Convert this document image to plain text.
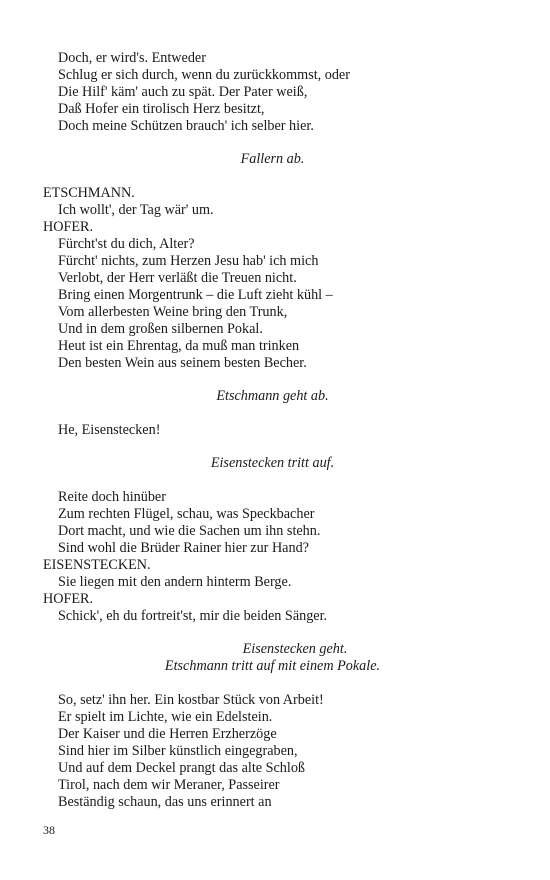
Doch, er wird's. Entweder
Schlug er sich durch, wenn du zurückkommst, oder
Die Hilf' käm' auch zu spät. Der Pater weiß,
Daß Hofer ein tirolisch Herz besitzt,
Doch meine Schützen brauch' ich selber hier.
Fallern ab.
ETSCHMANN.
Ich wollt', der Tag wär' um.
HOFER.
Fürcht'st du dich, Alter?
Fürcht' nichts, zum Herzen Jesu hab' ich mich
Verlobt, der Herr verläßt die Treuen nicht.
Bring einen Morgentrunk – die Luft zieht kühl –
Vom allerbesten Weine bring den Trunk,
Und in dem großen silbernen Pokal.
Heut ist ein Ehrentag, da muß man trinken
Den besten Wein aus seinem besten Becher.
Etschmann geht ab.
He, Eisenstecken!
Eisenstecken tritt auf.
Reite doch hinüber
Zum rechten Flügel, schau, was Speckbacher
Dort macht, und wie die Sachen um ihn stehn.
Sind wohl die Brüder Rainer hier zur Hand?
EISENSTECKEN.
Sie liegen mit den andern hinterm Berge.
HOFER.
Schick', eh du fortreit'st, mir die beiden Sänger.
Eisenstecken geht.
Etschmann tritt auf mit einem Pokale.
So, setz' ihn her. Ein kostbar Stück von Arbeit!
Er spielt im Lichte, wie ein Edelstein.
Der Kaiser und die Herren Erzherzöge
Sind hier im Silber künstlich eingegraben,
Und auf dem Deckel prangt das alte Schloß
Tirol, nach dem wir Meraner, Passeirer
Beständig schaun, das uns erinnert an
38
